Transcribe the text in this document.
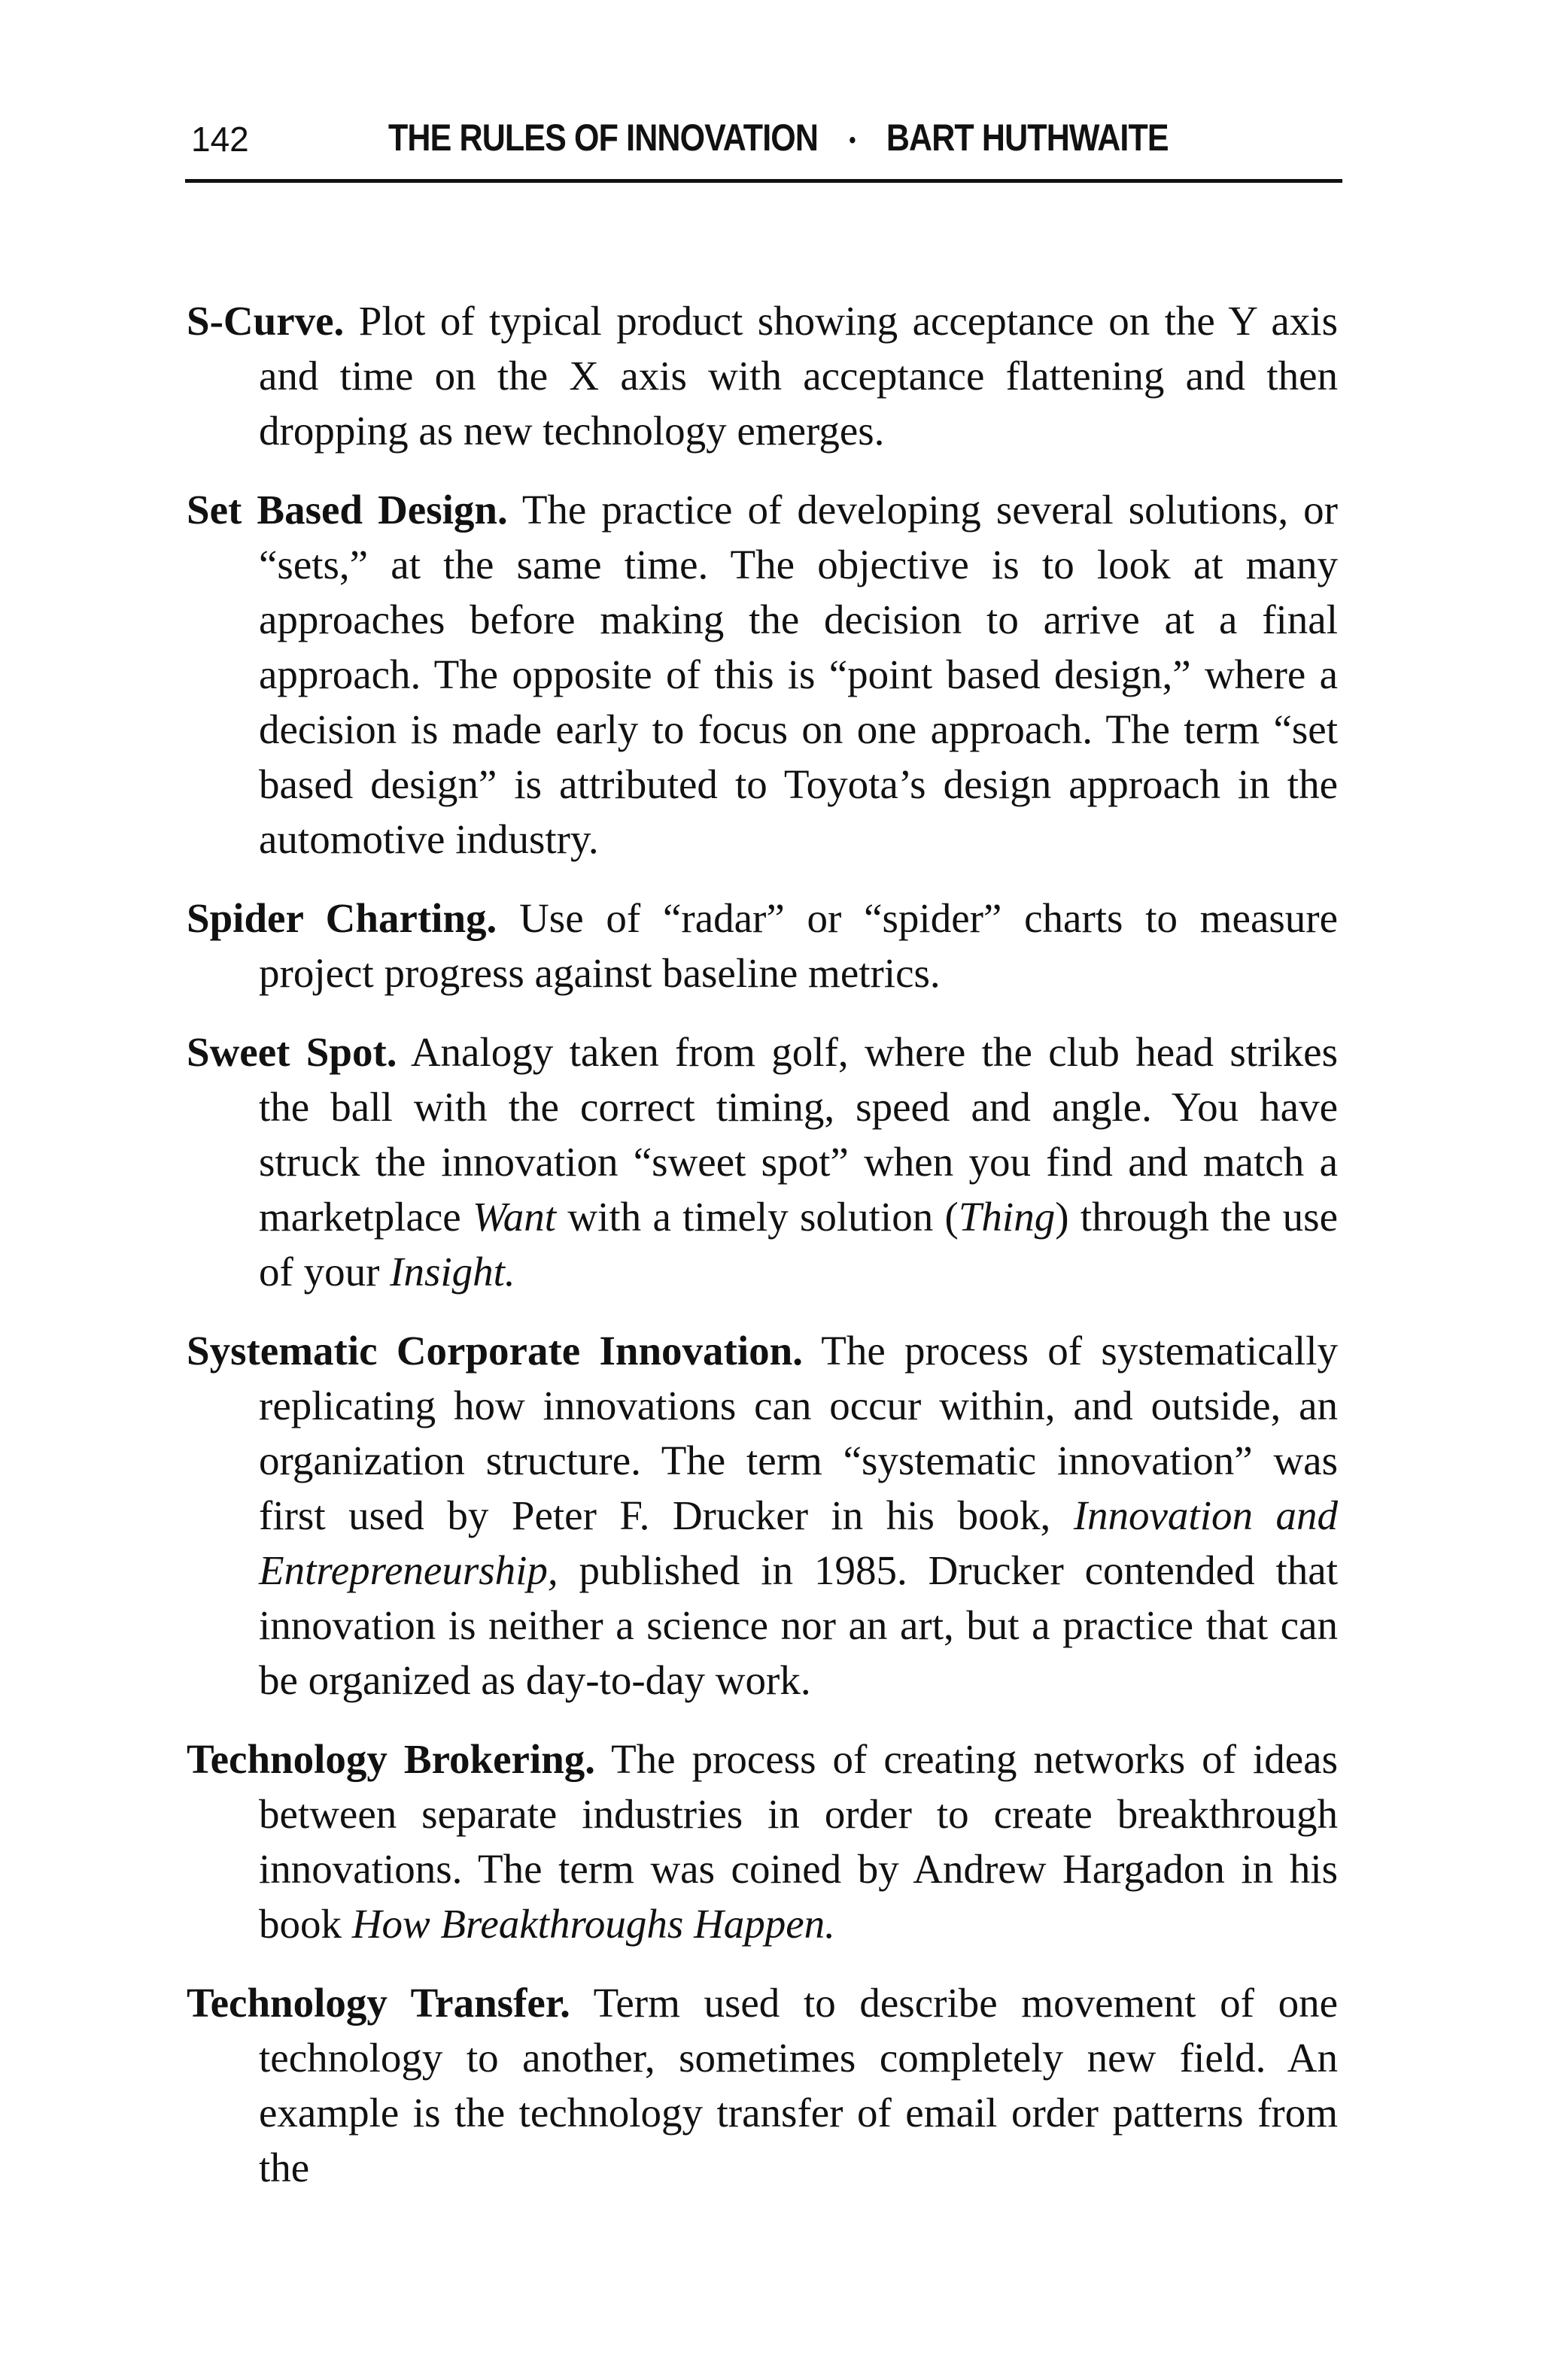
142	THE RULES OF INNOVATION • BART HUTHWAITE

S-Curve. Plot of typical product showing acceptance on the Y axis and time on the X axis with acceptance flattening and then dropping as new technology emerges.

Set Based Design. The practice of developing several solutions, or “sets,” at the same time. The objective is to look at many approaches before making the decision to arrive at a final approach. The opposite of this is “point based design,” where a decision is made early to focus on one approach. The term “set based design” is attributed to Toyota’s design approach in the automotive industry.

Spider Charting. Use of “radar” or “spider” charts to measure project progress against baseline metrics.

Sweet Spot. Analogy taken from golf, where the club head strikes the ball with the correct timing, speed and angle. You have struck the innovation “sweet spot” when you find and match a marketplace Want with a timely solution (Thing) through the use of your Insight.

Systematic Corporate Innovation. The process of systematically replicating how innovations can occur within, and outside, an organization structure. The term “systematic innovation” was first used by Peter F. Drucker in his book, Innovation and Entrepreneurship, published in 1985. Drucker contended that innovation is neither a science nor an art, but a practice that can be organized as day-to-day work.

Technology Brokering. The process of creating networks of ideas between separate industries in order to create breakthrough innovations. The term was coined by Andrew Hargadon in his book How Breakthroughs Happen.

Technology Transfer. Term used to describe movement of one technology to another, sometimes completely new field. An example is the technology transfer of email order patterns from the
